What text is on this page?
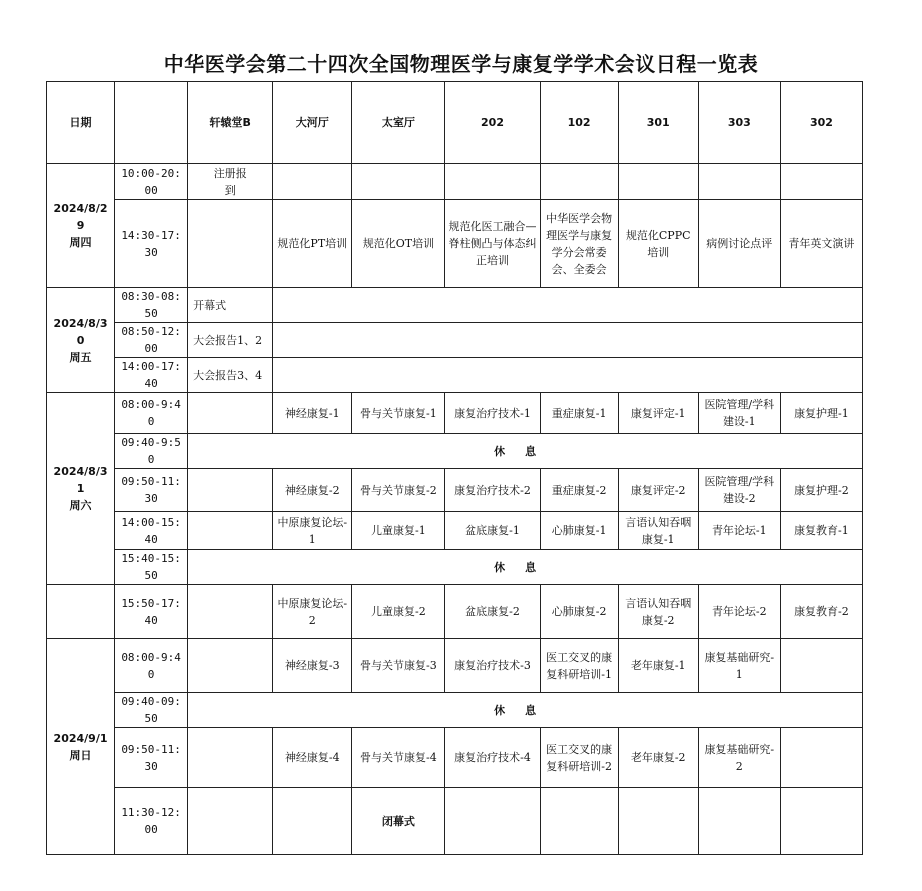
中华医学会第二十四次全国物理医学与康复学学术会议日程一览表
日期		轩辕堂B	大河厅	太室厅	202	102	301	303	302

2024/8/29
周四	10:00-20:00	注册报到							
	14:30-17:30		规范化PT培训	规范化OT培训	规范化医工融合—脊柱侧凸与体态纠正培训	中华医学会物理医学与康复学分会常委会、全委会	规范化CPPC培训	病例讨论点评	青年英文演讲

2024/8/30
周五	08:30-08:50	开幕式							
	08:50-12:00	大会报告1、2							
	14:00-17:40	大会报告3、4							

2024/8/31
周六	08:00-9:40		神经康复-1	骨与关节康复-1	康复治疗技术-1	重症康复-1	康复评定-1	医院管理/学科建设-1	康复护理-1
	09:40-9:50	休息							
	09:50-11:30		神经康复-2	骨与关节康复-2	康复治疗技术-2	重症康复-2	康复评定-2	医院管理/学科建设-2	康复护理-2
	14:00-15:40		中原康复论坛-1	儿童康复-1	盆底康复-1	心肺康复-1	言语认知吞咽康复-1	青年论坛-1	康复教育-1
	15:40-15:50	休息							
	15:50-17:40		中原康复论坛-2	儿童康复-2	盆底康复-2	心肺康复-2	言语认知吞咽康复-2	青年论坛-2	康复教育-2

2024/9/1
周日	08:00-9:40		神经康复-3	骨与关节康复-3	康复治疗技术-3	医工交叉的康复科研培训-1	老年康复-1	康复基础研究-1	
	09:40-09:50	休息							
	09:50-11:30		神经康复-4	骨与关节康复-4	康复治疗技术-4	医工交叉的康复科研培训-2	老年康复-2	康复基础研究-2	
	11:30-12:00			闭幕式					
